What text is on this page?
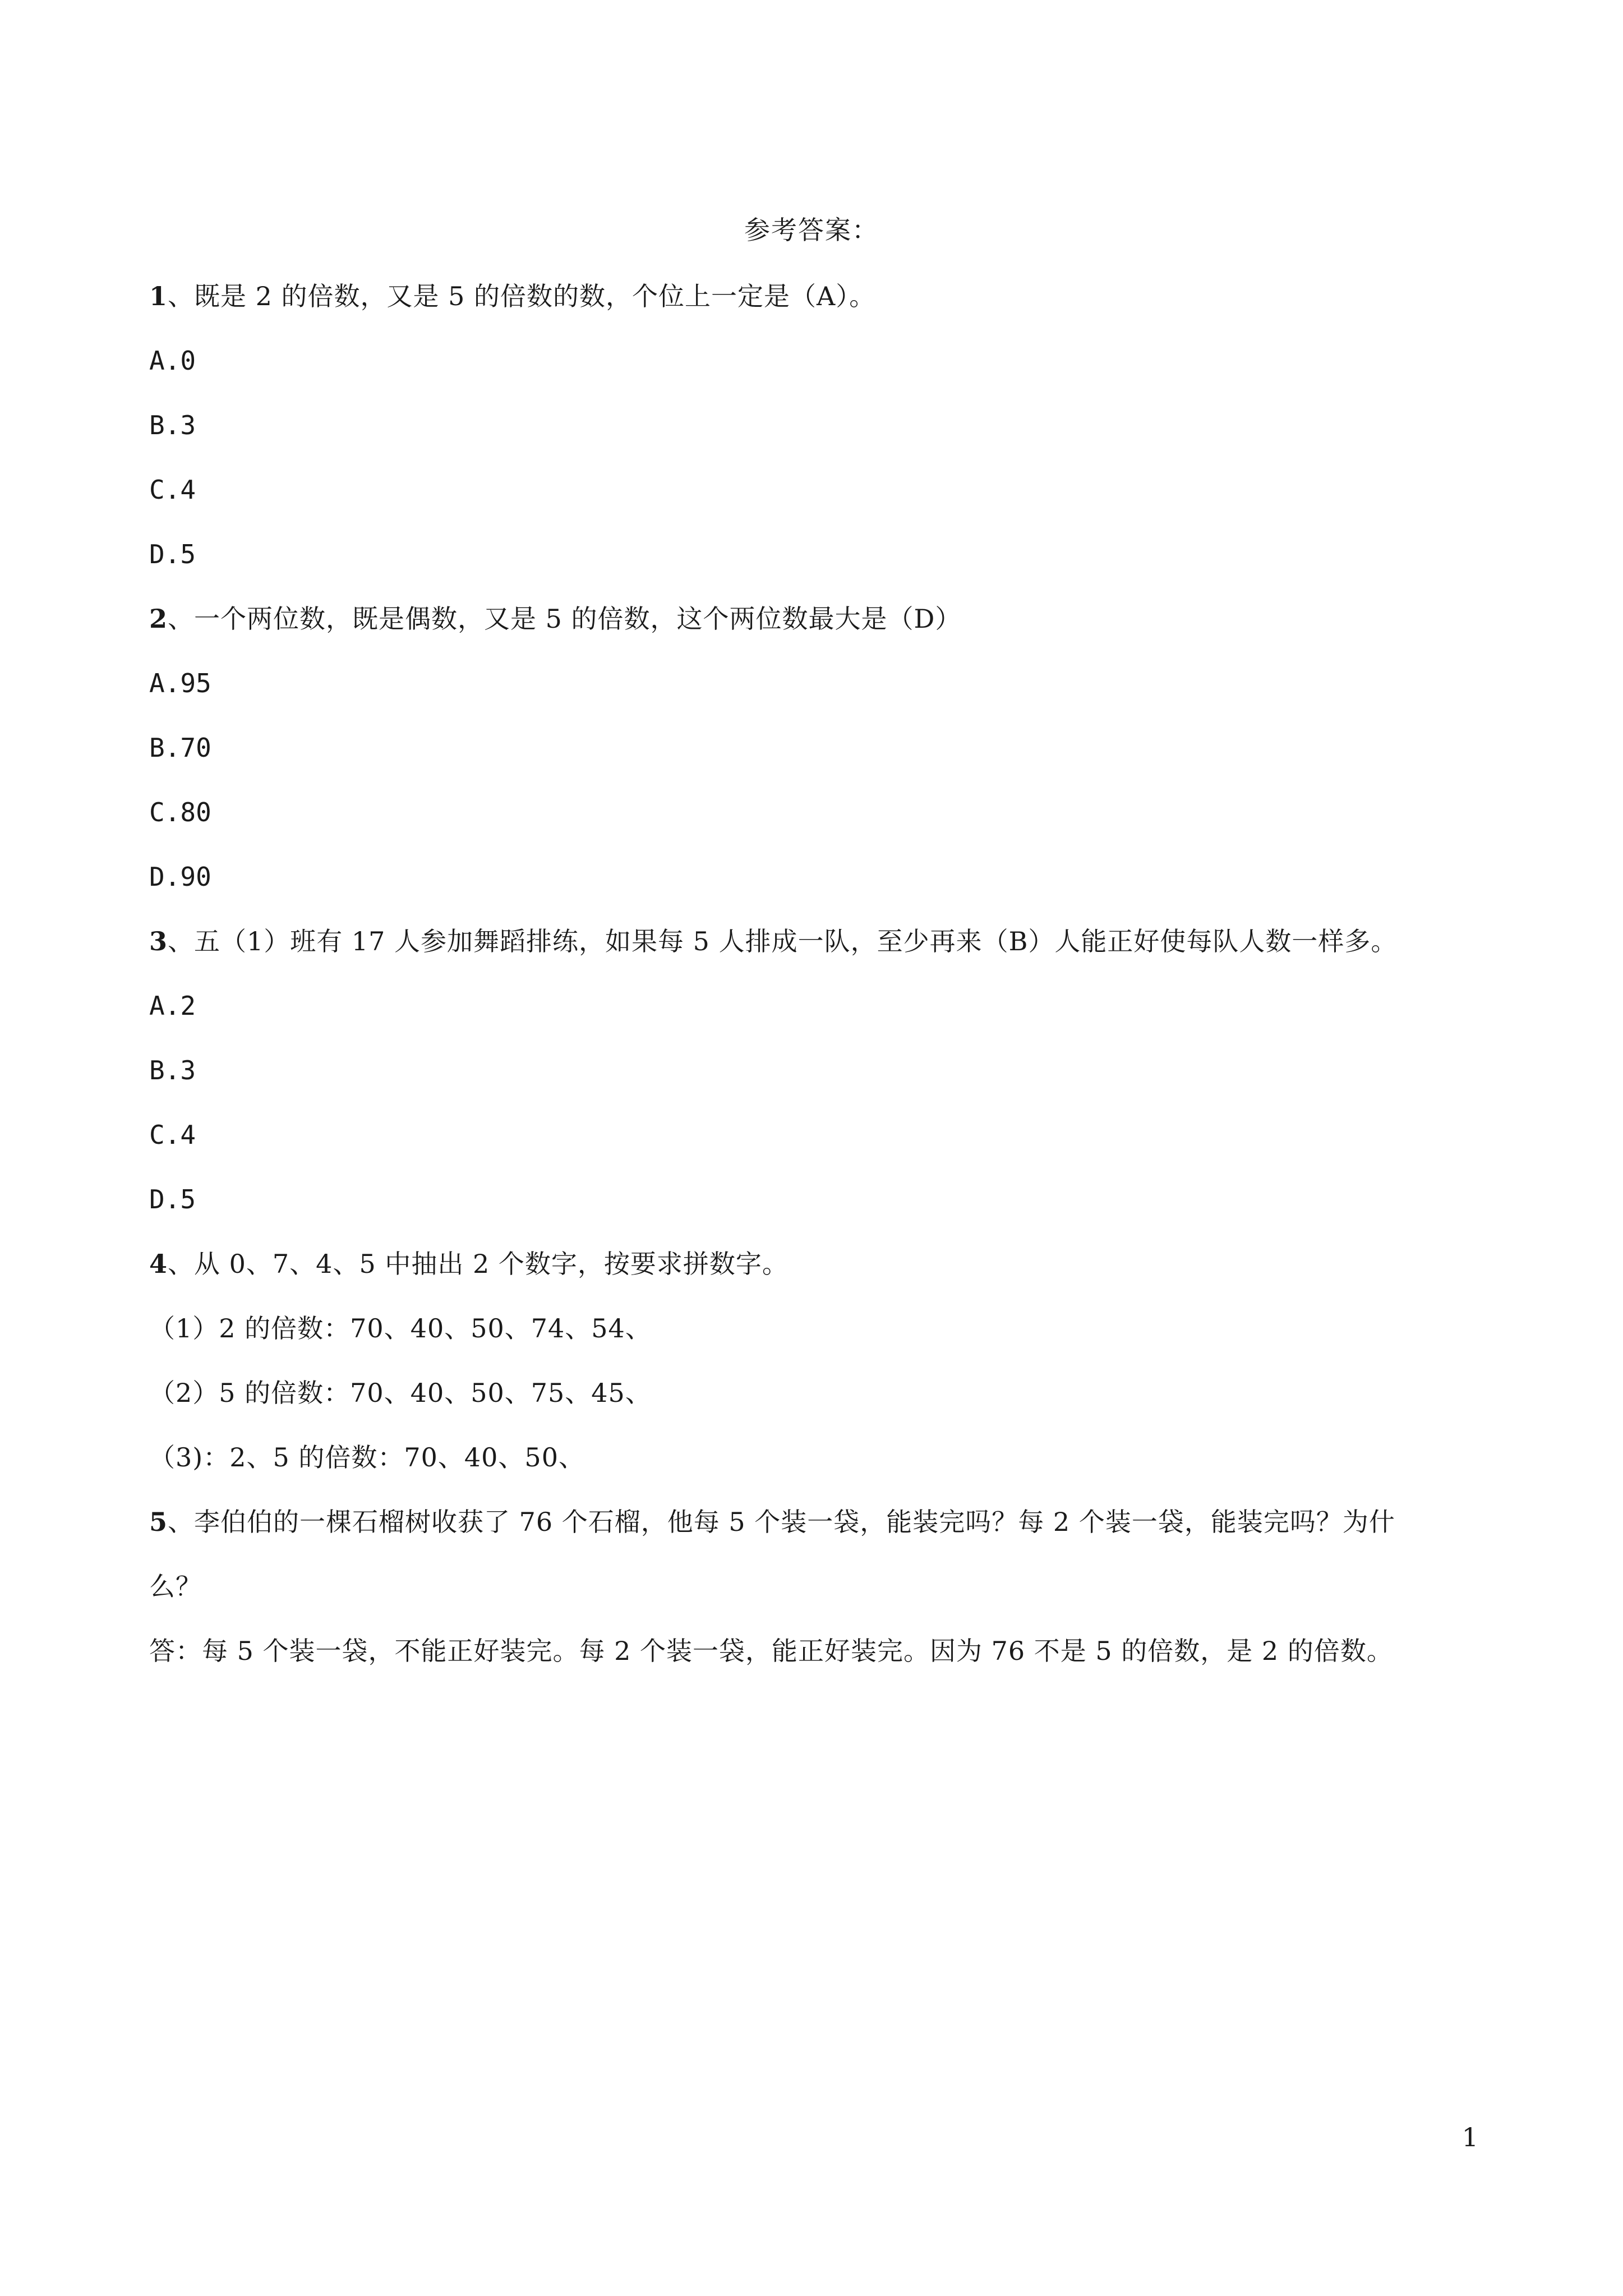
参考答案：
1、既是 2 的倍数，又是 5 的倍数的数，个位上一定是（A）。
A.0
B.3
C.4
D.5
2、一个两位数，既是偶数，又是 5 的倍数，这个两位数最大是（D）
A.95
B.70
C.80
D.90
3、五（1）班有 17 人参加舞蹈排练，如果每 5 人排成一队，至少再来（B）人能正好使每队人数一样多。
A.2
B.3
C.4
D.5
4、从 0、7、4、5 中抽出 2 个数字，按要求拼数字。
（1）2 的倍数：70、40、50、74、54、
（2）5 的倍数：70、40、50、75、45、
（3)：2、5 的倍数：70、40、50、
5、李伯伯的一棵石榴树收获了 76 个石榴，他每 5 个装一袋，能装完吗？每 2 个装一袋，能装完吗？为什
么？
答：每 5 个装一袋，不能正好装完。每 2 个装一袋，能正好装完。因为 76 不是 5 的倍数，是 2 的倍数。
1
